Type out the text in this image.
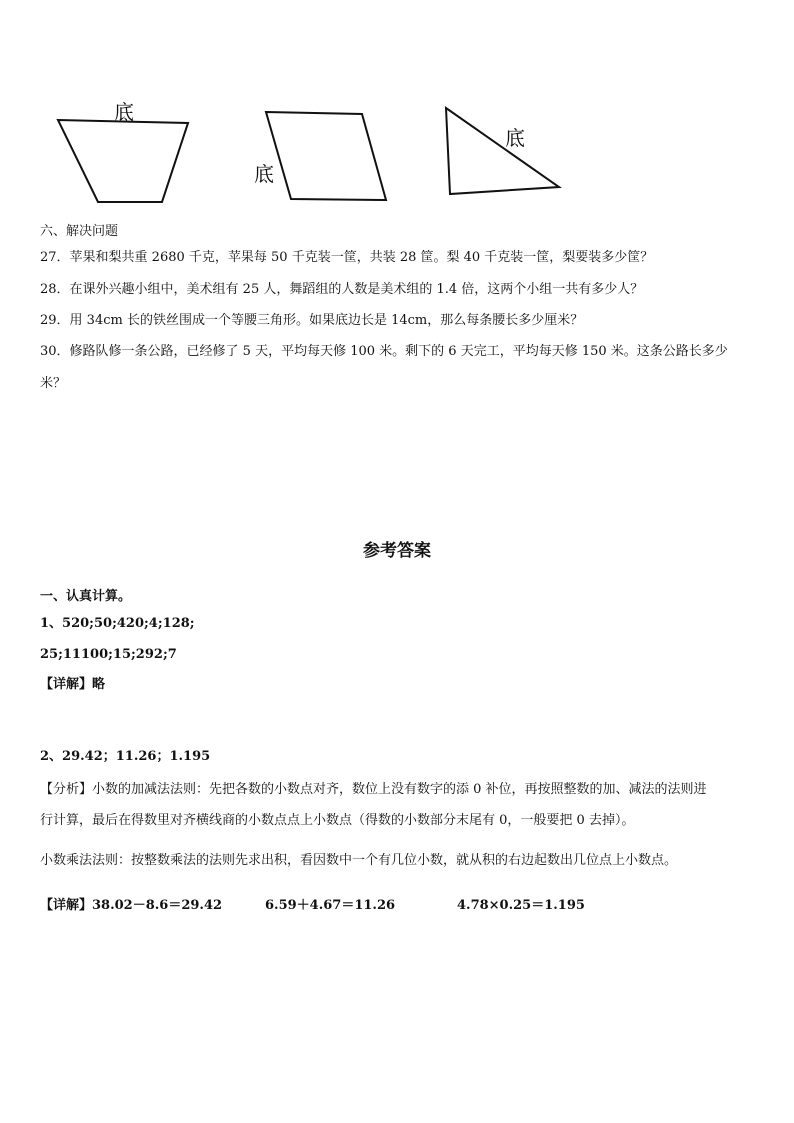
底
底
底
六、解决问题
27．苹果和梨共重 2680 千克，苹果每 50 千克装一筐，共装 28 筐。梨 40 千克装一筐，梨要装多少筐？
28．在课外兴趣小组中，美术组有 25 人，舞蹈组的人数是美术组的 1.4 倍，这两个小组一共有多少人？
29．用 34cm 长的铁丝围成一个等腰三角形。如果底边长是 14cm，那么每条腰长多少厘米？
30．修路队修一条公路，已经修了 5 天，平均每天修 100 米。剩下的 6 天完工，平均每天修 150 米。这条公路长多少
米？
参考答案
一、认真计算。
1、520;50;420;4;128;
25;11100;15;292;7
【详解】略
2、29.42；11.26；1.195
【分析】小数的加减法法则：先把各数的小数点对齐，数位上没有数字的添 0 补位，再按照整数的加、减法的法则进
行计算，最后在得数里对齐横线商的小数点点上小数点（得数的小数部分末尾有 0，一般要把 0 去掉）。
小数乘法法则：按整数乘法的法则先求出积，看因数中一个有几位小数，就从积的右边起数出几位点上小数点。
【详解】38.02－8.6＝29.42	6.59＋4.67＝11.26	4.78×0.25＝1.195
